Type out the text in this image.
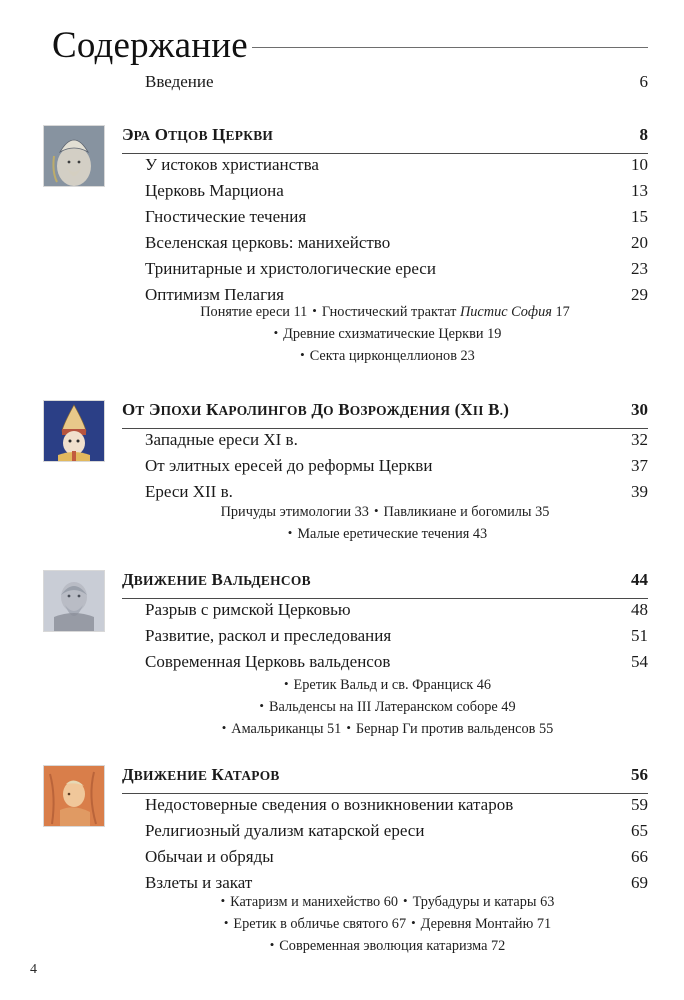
Содержание
Введение	6
ЭРА ОТЦОВ ЦЕРКВИ	8
У истоков христианства	10
Церковь Марциона	13
Гностические течения	15
Вселенская церковь: манихейство	20
Тринитарные и христологические ереси	23
Оптимизм Пелагия	29
Понятие ереси 11 • Гностический трактат Пистис София 17
• Древние схизматические Церкви 19
• Секта цирконцеллионов 23
ОТ ЭПОХИ КАРОЛИНГОВ ДО ВОЗРОЖДЕНИЯ (XII В.)	30
Западные ереси XI в.	32
От элитных ересей до реформы Церкви	37
Ереси XII в.	39
Причуды этимологии 33 • Павликиане и богомилы 35
• Малые еретические течения 43
ДВИЖЕНИЕ ВАЛЬДЕНСОВ	44
Разрыв с римской Церковью	48
Развитие, раскол и преследования	51
Современная Церковь вальденсов	54
• Еретик Вальд и св. Франциск 46
• Вальденсы на III Латеранском соборе 49
• Амальриканцы 51 • Бернар Ги против вальденсов 55
ДВИЖЕНИЕ КАТАРОВ	56
Недостоверные сведения о возникновении катаров	59
Религиозный дуализм катарской ереси	65
Обычаи и обряды	66
Взлеты и закат	69
• Катаризм и манихейство 60 • Трубадуры и катары 63
• Еретик в обличье святого 67 • Деревня Монтайю 71
• Современная эволюция катаризма 72
4
